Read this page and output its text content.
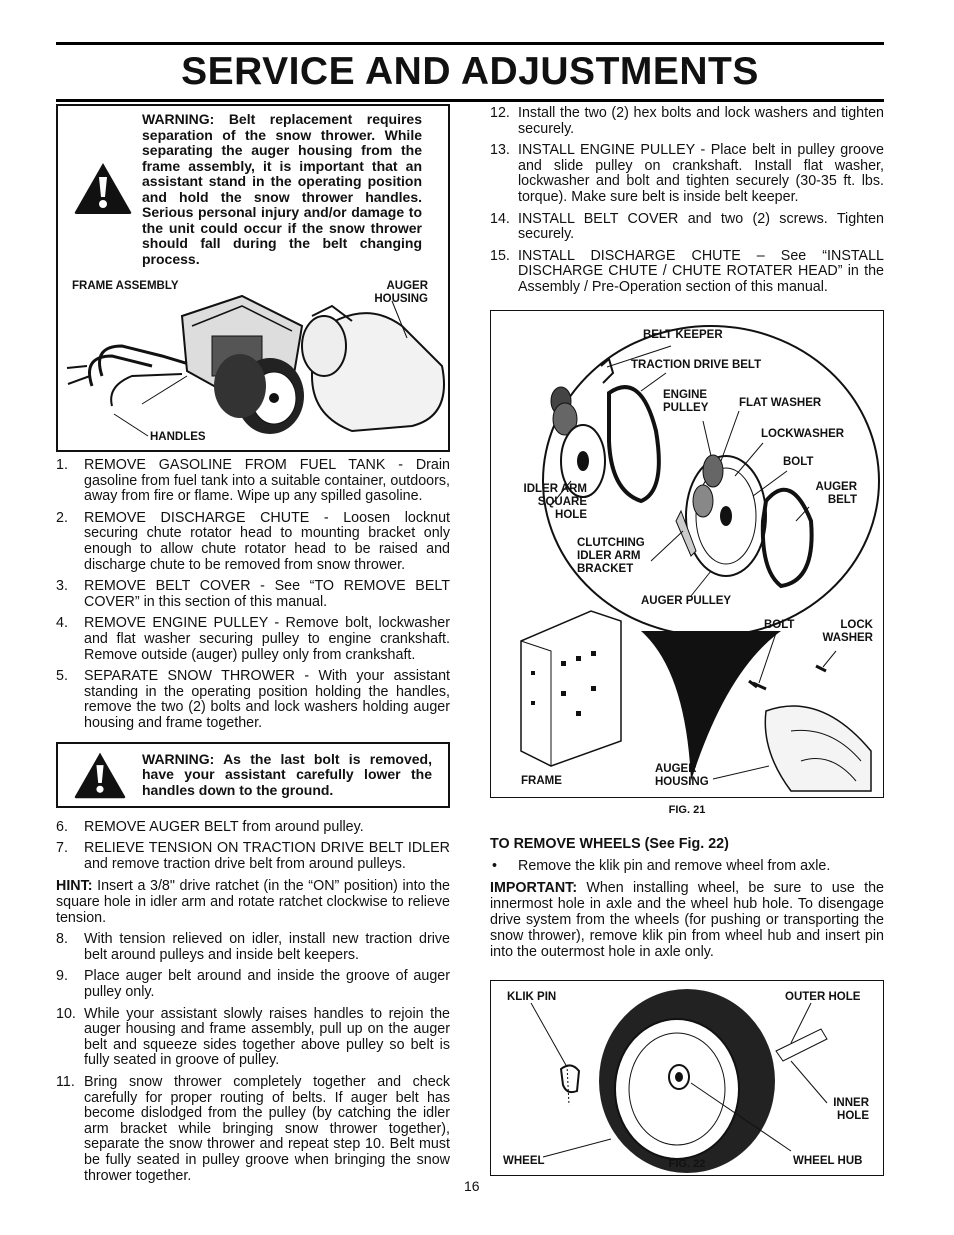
SERVICE AND ADJUSTMENTS
WARNING: Belt replacement requires separation of the snow thrower. While separating the auger housing from the frame assembly, it is important that an assistant stand in the operating position and hold the snow thrower handles. Serious personal injury and/or damage to the unit could occur if the snow thrower should fall during the belt changing process.
FRAME ASSEMBLY	AUGER HOUSING
HANDLES
1. REMOVE GASOLINE FROM FUEL TANK - Drain gasoline from fuel tank into a suitable container, outdoors, away from fire or flame. Wipe up any spilled gasoline.
2. REMOVE DISCHARGE CHUTE - Loosen locknut securing chute rotator head to mounting bracket only enough to allow chute rotator head to be raised and discharge chute to be removed from snow thrower.
3. REMOVE BELT COVER - See “TO REMOVE BELT COVER” in this section of this manual.
4. REMOVE ENGINE PULLEY - Remove bolt, lockwasher and flat washer securing pulley to engine crankshaft. Remove outside (auger) pulley only from crankshaft.
5. SEPARATE SNOW THROWER - With your assistant standing in the operating position holding the handles, remove the two (2) bolts and lock washers holding auger housing and frame together.
WARNING: As the last bolt is removed, have your assistant carefully lower the handles down to the ground.
6. REMOVE AUGER BELT from around pulley.
7. RELIEVE TENSION ON TRACTION DRIVE BELT IDLER and remove traction drive belt from around pulleys.
HINT: Insert a 3/8" drive ratchet (in the “ON” position) into the square hole in idler arm and rotate ratchet clockwise to relieve tension.
8. With tension relieved on idler, install new traction drive belt around pulleys and inside belt keepers.
9. Place auger belt around and inside the groove of auger pulley only.
10. While your assistant slowly raises handles to rejoin the auger housing and frame assembly, pull up on the auger belt and squeeze sides together above pulley so belt is fully seated in groove of pulley.
11. Bring snow thrower completely together and check carefully for proper routing of belts. If auger belt has become dislodged from the pulley (by catching the idler arm bracket while bringing snow thrower together), separate the snow thrower and repeat step 10. Belt must be fully seated in pulley groove when bringing the snow thrower together.
12. Install the two (2) hex bolts and lock washers and tighten securely.
13. INSTALL ENGINE PULLEY - Place belt in pulley groove and slide pulley on crankshaft. Install flat washer, lockwasher and bolt and tighten securely (30-35 ft. lbs. torque). Make sure belt is inside belt keeper.
14. INSTALL BELT COVER and two (2) screws. Tighten securely.
15. INSTALL DISCHARGE CHUTE – See “INSTALL DISCHARGE CHUTE / CHUTE ROTATER HEAD” in the Assembly / Pre-Operation section of this manual.
BELT KEEPER
TRACTION DRIVE BELT
ENGINE PULLEY	FLAT WASHER
LOCKWASHER
BOLT
IDLER ARM SQUARE HOLE
AUGER BELT
CLUTCHING IDLER ARM BRACKET
AUGER PULLEY
BOLT	LOCK WASHER
FRAME
AUGER HOUSING
FIG. 21
TO REMOVE WHEELS (See Fig. 22)
• Remove the klik pin and remove wheel from axle.
IMPORTANT: When installing wheel, be sure to use the innermost hole in axle and the wheel hub hole. To disengage drive system from the wheels (for pushing or transporting the snow thrower), remove klik pin from wheel hub and insert pin into the outermost hole in axle only.
KLIK PIN	OUTER HOLE
INNER HOLE
WHEEL	WHEEL HUB
FIG. 22
16
